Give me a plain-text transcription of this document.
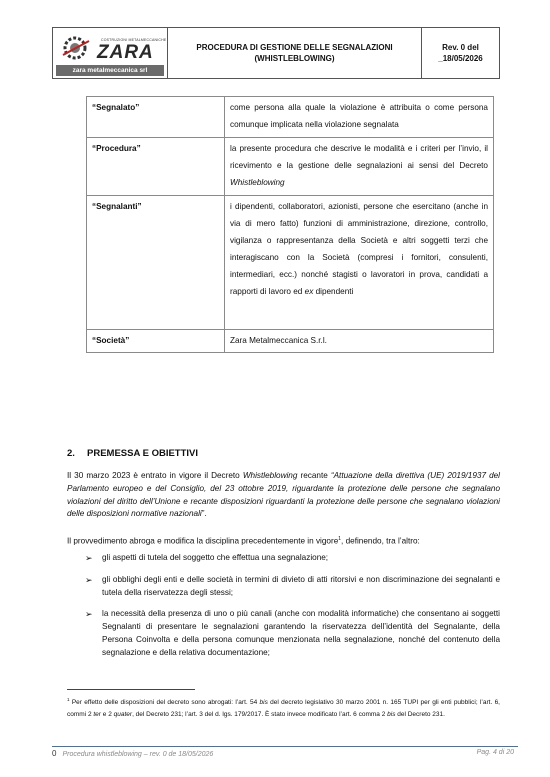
COSTRUZIONI METALMECCANICHE
ZARA
zara metalmeccanica srl
PROCEDURA DI GESTIONE DELLE SEGNALAZIONI
(WHISTLEBLOWING)
Rev. 0 del
_18/05/2026
“Segnalato”	come persona alla quale la violazione è attribuita o come persona comunque implicata nella violazione segnalata
“Procedura”	la presente procedura che descrive le modalità e i criteri per l’invio, il ricevimento e la gestione delle segnalazioni ai sensi del Decreto Whistleblowing
“Segnalanti”	i dipendenti, collaboratori, azionisti, persone che esercitano (anche in via di mero fatto) funzioni di amministrazione, direzione, controllo, vigilanza o rappresentanza della Società e altri soggetti terzi che interagiscano con la Società (compresi i fornitori, consulenti, intermediari, ecc.) nonché stagisti o lavoratori in prova, candidati a rapporti di lavoro ed ex dipendenti
“Società”	Zara Metalmeccanica S.r.l.
2. PREMESSA E OBIETTIVI
Il 30 marzo 2023 è entrato in vigore il Decreto Whistleblowing recante “Attuazione della direttiva (UE) 2019/1937 del Parlamento europeo e del Consiglio, del 23 ottobre 2019, riguardante la protezione delle persone che segnalano violazioni del diritto dell’Unione e recante disposizioni riguardanti la protezione delle persone che segnalano violazioni delle disposizioni normative nazionali”.
Il provvedimento abroga e modifica la disciplina precedentemente in vigore$^1$, definendo, tra l’altro:
➢ gli aspetti di tutela del soggetto che effettua una segnalazione;
➢ gli obblighi degli enti e delle società in termini di divieto di atti ritorsivi e non discriminazione dei segnalanti e tutela della riservatezza degli stessi;
➢ la necessità della presenza di uno o più canali (anche con modalità informatiche) che consentano ai soggetti Segnalanti di presentare le segnalazioni garantendo la riservatezza dell’identità del Segnalante, della Persona Coinvolta e della persona comunque menzionata nella segnalazione, nonché del contenuto della segnalazione e della relativa documentazione;
$^1$ Per effetto delle disposizioni del decreto sono abrogati: l’art. 54 bis del decreto legislativo 30 marzo 2001 n. 165 TUPI per gli enti pubblici; l’art. 6, commi 2 ter e 2 quater, del Decreto 231; l’art. 3 del d. lgs. 179/2017. È stato invece modificato l’art. 6 comma 2 bis del Decreto 231.
0 Procedura whistleblowing – rev. 0 de 18/05/2026	Pag. 4 di 20
